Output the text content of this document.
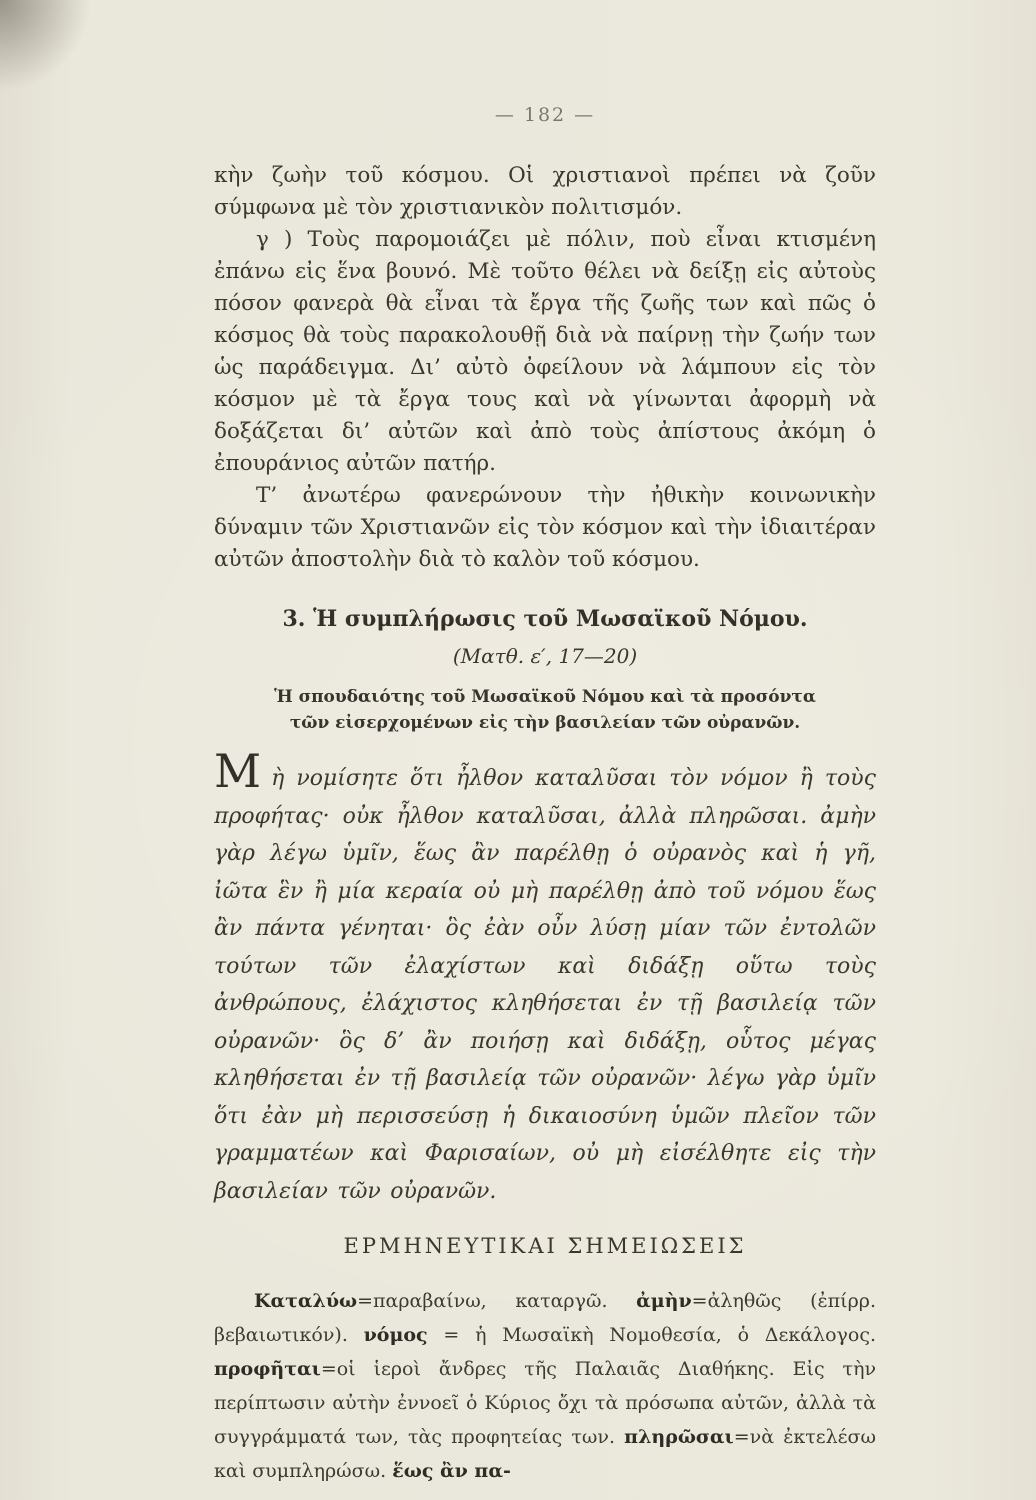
— 182 —

κὴν ζωὴν τοῦ κόσμου. Οἱ χριστιανοὶ πρέπει νὰ ζοῦν σύμφωνα μὲ τὸν χριστιανικὸν πολιτισμόν.

γ ) Τοὺς παρομοιάζει μὲ πόλιν, ποὺ εἶναι κτισμένη ἐπάνω εἰς ἕνα βουνό. Μὲ τοῦτο θέλει νὰ δείξῃ εἰς αὐτοὺς πόσον φανερὰ θὰ εἶναι τὰ ἔργα τῆς ζωῆς των καὶ πῶς ὁ κόσμος θὰ τοὺς παρακολουθῇ διὰ νὰ παίρνῃ τὴν ζωήν των ὡς παράδειγμα. Δι’ αὐτὸ ὀφείλουν νὰ λάμπουν εἰς τὸν κόσμον μὲ τὰ ἔργα τους καὶ νὰ γίνωνται ἀφορμὴ νὰ δοξάζεται δι’ αὐτῶν καὶ ἀπὸ τοὺς ἀπίστους ἀκόμη ὁ ἐπουράνιος αὐτῶν πατήρ.

Τ’ ἀνωτέρω φανερώνουν τὴν ἠθικὴν κοινωνικὴν δύναμιν τῶν Χριστιανῶν εἰς τὸν κόσμον καὶ τὴν ἰδιαιτέραν αὐτῶν ἀποστολὴν διὰ τὸ καλὸν τοῦ κόσμου.

3. Ἡ συμπλήρωσις τοῦ Μωσαϊκοῦ Νόμου.
(Ματθ. ε′, 17—20)
Ἡ σπουδαιότης τοῦ Μωσαϊκοῦ Νόμου καὶ τὰ προσόντα τῶν εἰσερχομένων εἰς τὴν βασιλείαν τῶν οὐρανῶν.

Μὴ νομίσητε ὅτι ἦλθον καταλῦσαι τὸν νόμον ἢ τοὺς προφήτας· οὐκ ἦλθον καταλῦσαι, ἀλλὰ πληρῶσαι. ἀμὴν γὰρ λέγω ὑμῖν, ἕως ἂν παρέλθῃ ὁ οὐρανὸς καὶ ἡ γῆ, ἰῶτα ἓν ἢ μία κεραία οὐ μὴ παρέλθῃ ἀπὸ τοῦ νόμου ἕως ἂν πάντα γένηται· ὃς ἐὰν οὖν λύσῃ μίαν τῶν ἐντολῶν τούτων τῶν ἐλαχίστων καὶ διδάξῃ οὕτω τοὺς ἀνθρώπους, ἐλάχιστος κληθήσεται ἐν τῇ βασιλείᾳ τῶν οὐρανῶν· ὃς δ’ ἂν ποιήσῃ καὶ διδάξῃ, οὗτος μέγας κληθήσεται ἐν τῇ βασιλείᾳ τῶν οὐρανῶν· λέγω γὰρ ὑμῖν ὅτι ἐὰν μὴ περισσεύσῃ ἡ δικαιοσύνη ὑμῶν πλεῖον τῶν γραμματέων καὶ Φαρισαίων, οὐ μὴ εἰσέλθητε εἰς τὴν βασιλείαν τῶν οὐρανῶν.

ΕΡΜΗΝΕΥΤΙΚΑΙ ΣΗΜΕΙΩΣΕΙΣ

Καταλύω=παραβαίνω, καταργῶ. ἀμὴν=ἀληθῶς (ἐπίρρ. βεβαιωτικόν). νόμος = ἡ Μωσαϊκὴ Νομοθεσία, ὁ Δεκάλογος. προφῆται=οἱ ἱεροὶ ἄνδρες τῆς Παλαιᾶς Διαθήκης. Εἰς τὴν περίπτωσιν αὐτὴν ἐννοεῖ ὁ Κύριος ὄχι τὰ πρόσωπα αὐτῶν, ἀλλὰ τὰ συγγράμματά των, τὰς προφητείας των. πληρῶσαι=νὰ ἐκτελέσω καὶ συμπληρώσω. ἕως ἂν πα-
